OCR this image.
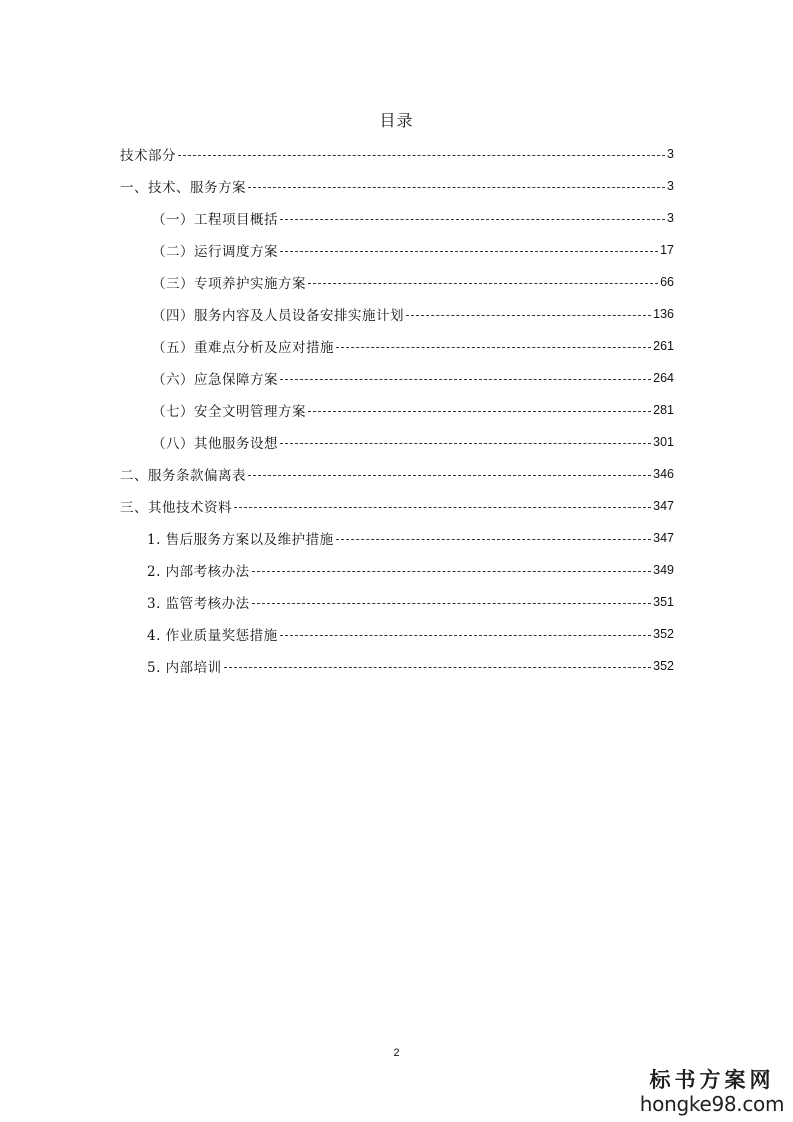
目录
技术部分	3
一、技术、服务方案	3
（一）工程项目概括	3
（二）运行调度方案	17
（三）专项养护实施方案	66
（四）服务内容及人员设备安排实施计划	136
（五）重难点分析及应对措施	261
（六）应急保障方案	264
（七）安全文明管理方案	281
（八）其他服务设想	301
二、服务条款偏离表	346
三、其他技术资料	347
1. 售后服务方案以及维护措施	347
2. 内部考核办法	349
3. 监管考核办法	351
4. 作业质量奖惩措施	352
5. 内部培训	352
2
标书方案网
hongke98.com
